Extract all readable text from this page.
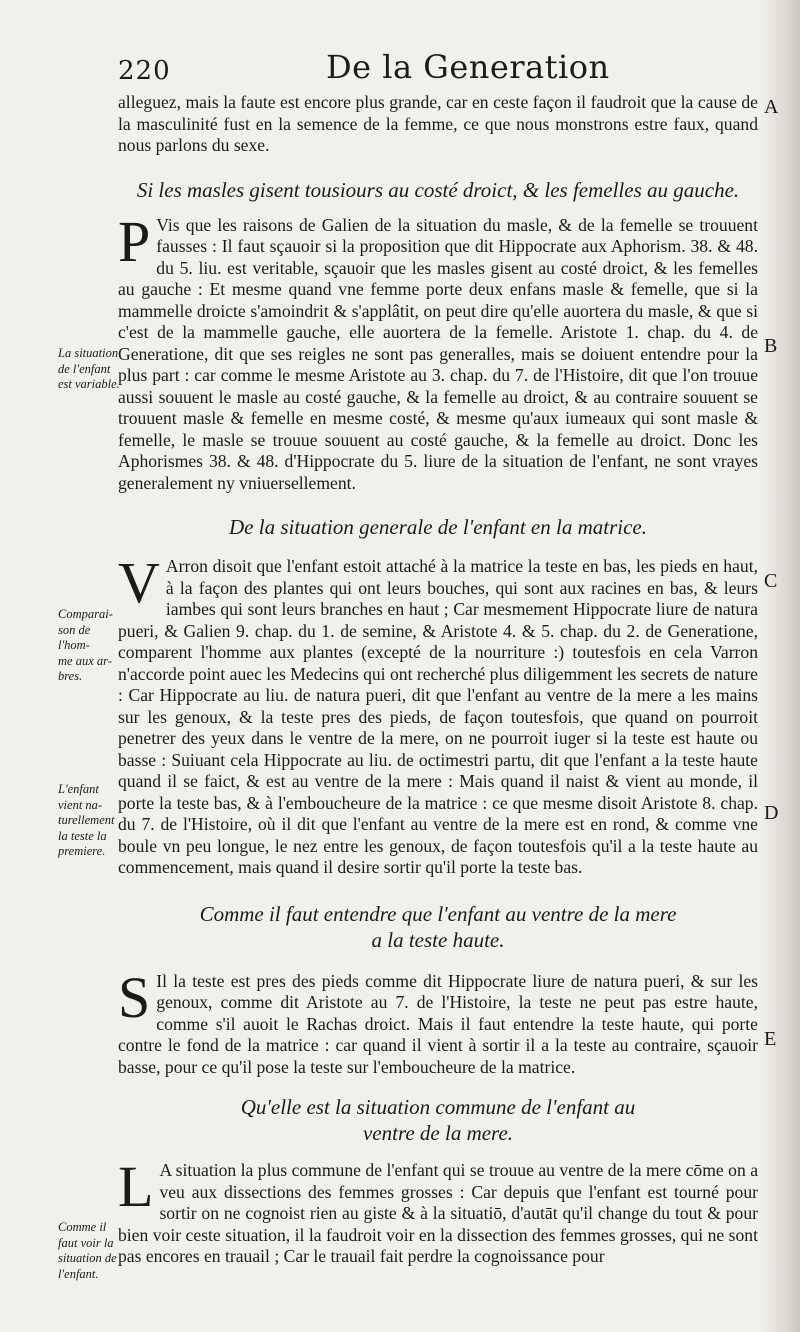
220	De la Generation
La situation
de l'enfant
est variable.
Comparai-
son de l'hom-
me aux ar-
bres.
L'enfant
vient na-
turellement
la teste la
premiere.
Comme il
faut voir la
situation de
l'enfant.
A
B
C
D
E

alleguez, mais la faute est encore plus grande, car en ceste façon il faudroit que la cause de la masculinité fust en la semence de la femme, ce que nous monstrons estre faux, quand nous parlons du sexe.

Si les masles gisent tousiours au costé droict, & les femelles au gauche.

P Vis que les raisons de Galien de la situation du masle, & de la femelle se trouuent fausses : Il faut sçauoir si la proposition que dit Hippocrate aux Aphorism. 38. & 48. du 5. liu. est veritable, sçauoir que les masles gisent au costé droict, & les femelles au gauche : Et mesme quand vne femme porte deux enfans masle & femelle, que si la mammelle droicte s'amoindrit & s'applâtit, on peut dire qu'elle auortera du masle, & que si c'est de la mammelle gauche, elle auortera de la femelle. Aristote 1. chap. du 4. de Generatione, dit que ses reigles ne sont pas generalles, mais se doiuent entendre pour la plus part : car comme le mesme Aristote au 3. chap. du 7. de l'Histoire, dit que l'on trouue aussi souuent le masle au costé gauche, & la femelle au droict, & au contraire souuent se trouuent masle & femelle en mesme costé, & mesme qu'aux iumeaux qui sont masle & femelle, le masle se trouue souuent au costé gauche, & la femelle au droict. Donc les Aphorismes 38. & 48. d'Hippocrate du 5. liure de la situation de l'enfant, ne sont vrayes generalement ny vniuersellement.

De la situation generale de l'enfant en la matrice.

V Arron disoit que l'enfant estoit attaché à la matrice la teste en bas, les pieds en haut, à la façon des plantes qui ont leurs bouches, qui sont aux racines en bas, & leurs iambes qui sont leurs branches en haut ; Car mesmement Hippocrate liure de natura pueri, & Galien 9. chap. du 1. de semine, & Aristote 4. & 5. chap. du 2. de Generatione, comparent l'homme aux plantes (excepté de la nourriture :) toutesfois en cela Varron n'accorde point auec les Medecins qui ont recherché plus diligemment les secrets de nature : Car Hippocrate au liu. de natura pueri, dit que l'enfant au ventre de la mere a les mains sur les genoux, & la teste pres des pieds, de façon toutesfois, que quand on pourroit penetrer des yeux dans le ventre de la mere, on ne pourroit iuger si la teste est haute ou basse : Suiuant cela Hippocrate au liu. de octimestri partu, dit que l'enfant a la teste haute quand il se faict, & est au ventre de la mere : Mais quand il naist & vient au monde, il porte la teste bas, & à l'embouchеure de la matrice : ce que mesme disoit Aristote 8. chap. du 7. de l'Histoire, où il dit que l'enfant au ventre de la mere est en rond, & comme vne boule vn peu longue, le nez entre les genoux, de façon toutesfois qu'il a la teste haute au commencement, mais quand il desire sortir qu'il porte la teste bas.

Comme il faut entendre que l'enfant au ventre de la mere
a la teste haute.

S Il la teste est pres des pieds comme dit Hippocrate liure de natura pueri, & sur les genoux, comme dit Aristote au 7. de l'Histoire, la teste ne peut pas estre haute, comme s'il auoit le Rachas droict. Mais il faut entendre la teste haute, qui porte contre le fond de la matrice : car quand il vient à sortir il a la teste au contraire, sçauoir basse, pour ce qu'il pose la teste sur l'embouchеure de la matrice.

Qu'elle est la situation commune de l'enfant au
ventre de la mere.

L A situation la plus commune de l'enfant qui se trouue au ventre de la mere cōme on a veu aux dissections des femmes grosses : Car depuis que l'enfant est tourné pour sortir on ne cognoist rien au giste & à la situatiō, d'autāt qu'il change du tout & pour bien voir ceste situation, il la faudroit voir en la dissection des femmes grosses, qui ne sont pas encores en trauail ; Car le trauail fait perdre la cognoissance pour
